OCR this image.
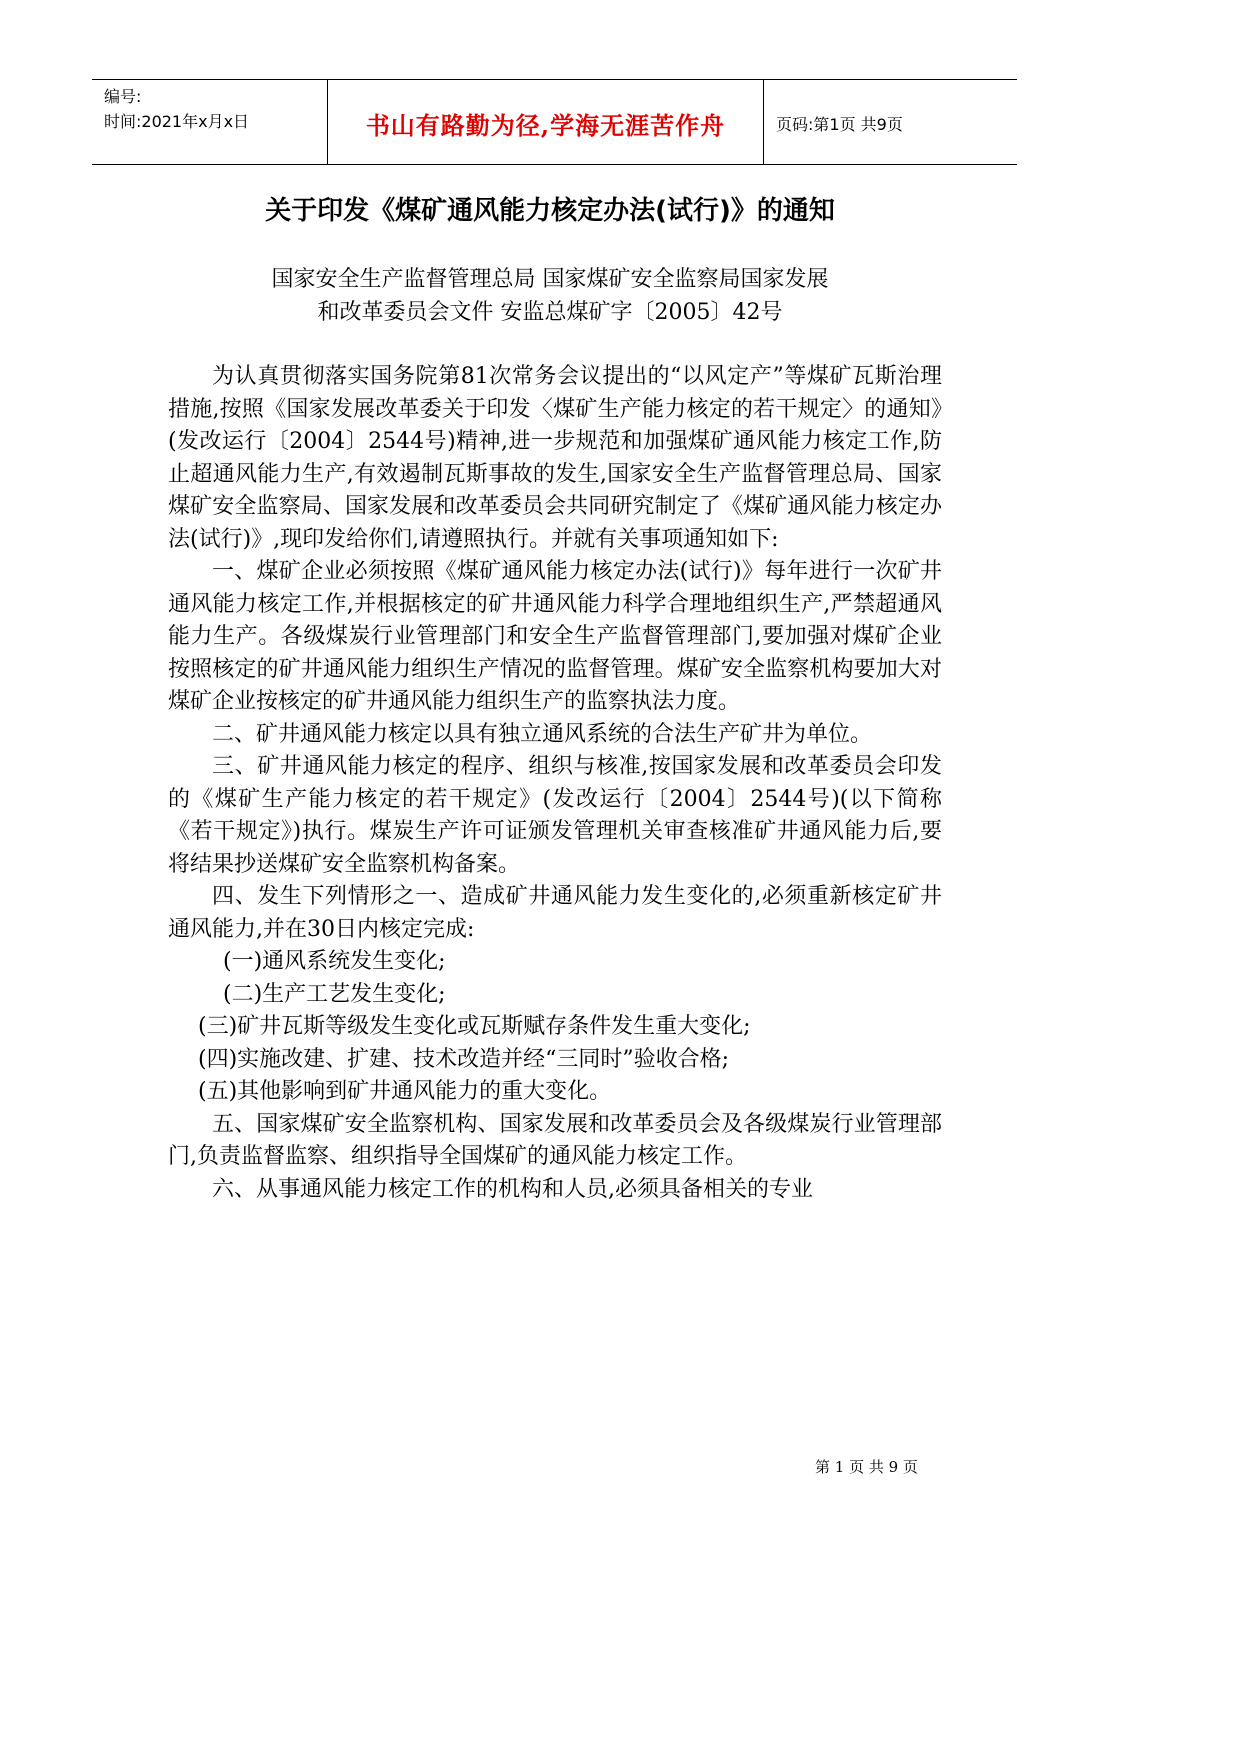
编号:
时间:2021年x月x日	书山有路勤为径,学海无涯苦作舟	页码:第1页 共9页
关于印发《煤矿通风能力核定办法(试行)》的通知
国家安全生产监督管理总局 国家煤矿安全监察局国家发展
和改革委员会文件 安监总煤矿字〔2005〕42号

为认真贯彻落实国务院第81次常务会议提出的“以风定产”等煤矿瓦斯治理措施,按照《国家发展改革委关于印发〈煤矿生产能力核定的若干规定〉的通知》(发改运行〔2004〕2544号)精神,进一步规范和加强煤矿通风能力核定工作,防止超通风能力生产,有效遏制瓦斯事故的发生,国家安全生产监督管理总局、国家煤矿安全监察局、国家发展和改革委员会共同研究制定了《煤矿通风能力核定办法(试行)》,现印发给你们,请遵照执行。并就有关事项通知如下:

一、煤矿企业必须按照《煤矿通风能力核定办法(试行)》每年进行一次矿井通风能力核定工作,并根据核定的矿井通风能力科学合理地组织生产,严禁超通风能力生产。各级煤炭行业管理部门和安全生产监督管理部门,要加强对煤矿企业按照核定的矿井通风能力组织生产情况的监督管理。煤矿安全监察机构要加大对煤矿企业按核定的矿井通风能力组织生产的监察执法力度。

二、矿井通风能力核定以具有独立通风系统的合法生产矿井为单位。

三、矿井通风能力核定的程序、组织与核准,按国家发展和改革委员会印发的《煤矿生产能力核定的若干规定》(发改运行〔2004〕2544号)(以下简称《若干规定》)执行。煤炭生产许可证颁发管理机关审查核准矿井通风能力后,要将结果抄送煤矿安全监察机构备案。

四、发生下列情形之一、造成矿井通风能力发生变化的,必须重新核定矿井通风能力,并在30日内核定完成:

(一)通风系统发生变化;

(二)生产工艺发生变化;

(三)矿井瓦斯等级发生变化或瓦斯赋存条件发生重大变化;

(四)实施改建、扩建、技术改造并经“三同时”验收合格;

(五)其他影响到矿井通风能力的重大变化。

五、国家煤矿安全监察机构、国家发展和改革委员会及各级煤炭行业管理部门,负责监督监察、组织指导全国煤矿的通风能力核定工作。

六、从事通风能力核定工作的机构和人员,必须具备相关的专业

第 1 页 共 9 页
